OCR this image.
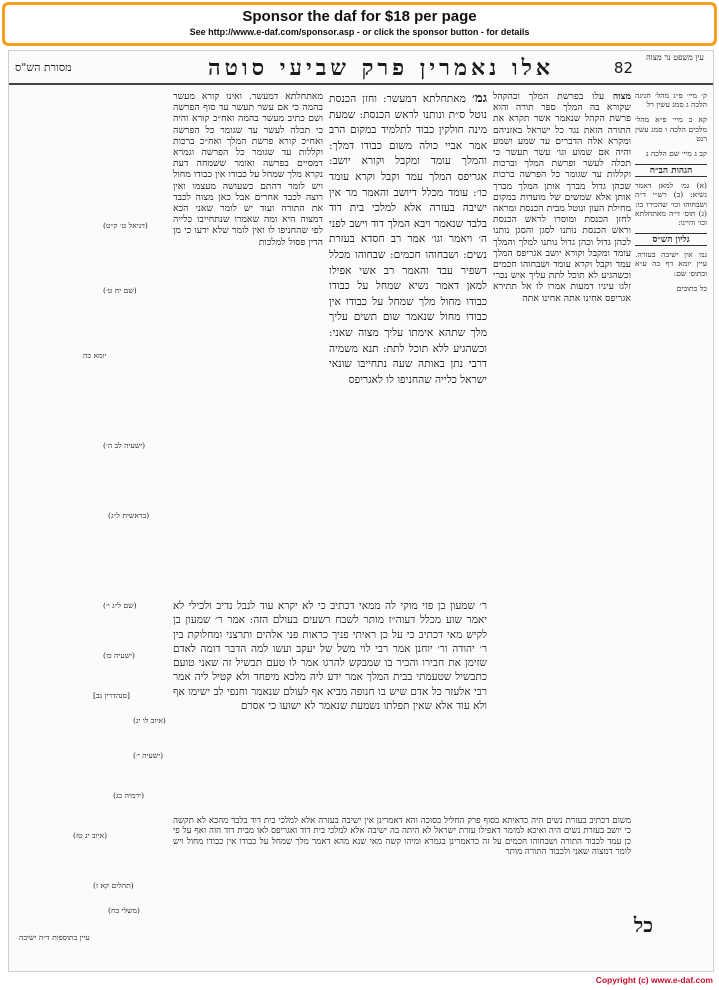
Sponsor the daf for $18 per page
See http://www.e-daf.com/sponsor.asp - or click the sponsor button - for details
עין משפט נר מצוה
82
אלו נאמרין פרק שביעי סוטה
מסורת הש"ס

ק׳ מיי׳ פ״ג מהל׳ חגיגה הלכה ג סמג עשין רל

קא ב מיי׳ פ״א מהל׳ מלכים הלכה ו סמג עשין רנט

קב ג מיי׳ שם הלכה ג

הגהות הב״ח

(א) גמ׳ למאן דאמר נשיא: (ב) רש״י ד״ה ושבחוהו וכו׳ שהכירו בו: (ג) תוס׳ ד״ה מאתחלתא וכו׳ והיינו:

גליון הש״ס

גמ׳ אין ישיבה בעזרה. עיין יומא דף כה ע״א ובתוס׳ שם:

כל כתובים

מצוה עלו בפרשת המלך ובהקהל שקורא בה המלך ספר תורה והוא פרשת הקהל שנאמר אשר תקרא את התורה הזאת נגד כל ישראל באזניהם ומקרא אלה הדברים עד שמע ושמע והיה אם שמוע וגו׳ עשר תעשר כי תכלה לעשר ופרשת המלך וברכות וקללות עד שגומר כל הפרשה ברכות שכהן גדול מברך אותן המלך מברך אותן אלא שמשים של מועדות במקום מחילת העון ונוטל מבית הכנסת ומראה לחזן הכנסת ומוסרו לראש הכנסת וראש הכנסת נותנו לסגן והסגן נותנו לכהן גדול וכהן גדול נותנו למלך והמלך עומד ומקבל וקורא יושב אגריפס המלך עמד וקבל וקרא עומד ושבחוהו חכמים וכשהגיע לא תוכל לתת עליך איש נכרי זלגו עיניו דמעות אמרו לו אל תתירא אגריפס אחינו אתה אחינו אתה

גמ׳ מאתחלתא דמעשר: וחזן הכנסת נוטל ס״ת ונותנו לראש הכנסת: שמעת מינה חולקין כבוד לתלמיד במקום הרב אמר אביי כולה משום כבודו דמלך: והמלך עומד ומקבל וקורא יושב: אגריפס המלך עמד וקבל וקרא עומד כו׳: עומד מכלל דיושב והאמר מר אין ישיבה בעזרה אלא למלכי בית דוד בלבד שנאמר ויבא המלך דוד וישב לפני ה׳ ויאמר וגו׳ אמר רב חסדא בעזרת נשים: ושבחוהו חכמים: שבחוהו מכלל דשפיר עבד והאמר רב אשי אפילו למאן דאמר נשיא שמחל על כבודו כבודו מחול מלך שמחל על כבודו אין כבודו מחול שנאמר שום תשים עליך מלך שתהא אימתו עליך מצוה שאני: וכשהגיע ללא תוכל לתת: תנא משמיה דרבי נתן באותה שעה נתחייבו שונאי ישראל כלייה שהחניפו לו לאגריפס

מאתחלתא דמעשר. ואינו קורא מעשר בהמה כי אם עשר תעשר עד סוף הפרשה ושם כתיב מעשר בהמה ואח״כ קורא והיה כי תכלה לעשר עד שגומר כל הפרשה ואח״כ קורא פרשת המלך ואח״כ ברכות וקללות עד שגומר כל הפרשה וגמרא דמסיים בפרשה ואומר ששמחה דעת נקרא מלך שמחל על כבודו אין כבודו מחול ויש לומר דהתם כשעושה מעצמו ואין רוצה לכבד אחרים אבל כאן מצוה לכבד את התורה ועוד יש לומר שאני הכא דמצוה היא ומה שאמרו שנתחייבו כלייה לפי שהחניפו לו ואין לומר שלא ידעו כי מן הדין פסול למלכות

ר׳ שמעון בן פזי מוקי לה ממאי דכתיב כי לא יקרא עוד לנבל נדיב ולכילי לא יאמר שוע מכלל דעוה״ז מותר לשבח רשעים בעולם הזה: אמר ר׳ שמעון בן לקיש מאי דכתיב כי על כן ראיתי פניך כראות פני אלהים ותרצני ומחלוקת בין ר׳ יהודה ור׳ יוחנן אמר רבי לוי משל של יעקב ועשו למה הדבר דומה לאדם שזימן את חבירו והכיר בו שמבקש להרגו אמר לו טעם תבשיל זה שאני טועם כתבשיל שטעמתי בבית המלך אמר ידע ליה מלכא מיפחד ולא קטיל ליה אמר רבי אלעזר כל אדם שיש בו חנופה מביא אף לעולם שנאמר וחנפי לב ישימו אף ולא עוד אלא שאין תפלתו נשמעת שנאמר לא ישועו כי אסרם

משום דכתיב בעזרת נשים היה כדאיתא בסוף פרק החליל בסוכה והא דאמרינן אין ישיבה בעזרה אלא למלכי בית דוד בלבד מהכא לא תקשה כי יושב בעזרת נשים היה ואיכא למימר דאפילו עזרת ישראל לא היתה בה ישיבה אלא למלכי בית דוד ואגריפס לאו מבית דוד הוה ואף על פי כן עמד לכבוד התורה ושבחוהו חכמים על זה כדאמרינן בגמרא ומיהו קשה מאי שנא מהא דאמר מלך שמחל על כבודו אין כבודו מחול ויש לומר דמצוה שאני ולכבוד התורה מותר

כל
(דניאל ט׳ ק״ט)
(שם יח ט׳)
יומא כה
(ישעיה לב ה׳)
(בראשית ל״ג)
(שם ל״ג י׳)
(איוב לו יג)
(ישעיה י׳)
(ירמיה כג)
(איוב יג טז)
(תהלים קא ז)
(משלי כח)
(ישעיה כו)
[סנהדרין נב]
עיין בתוספות ד״ה ישיבה
Copyright (c) www.e-daf.com
